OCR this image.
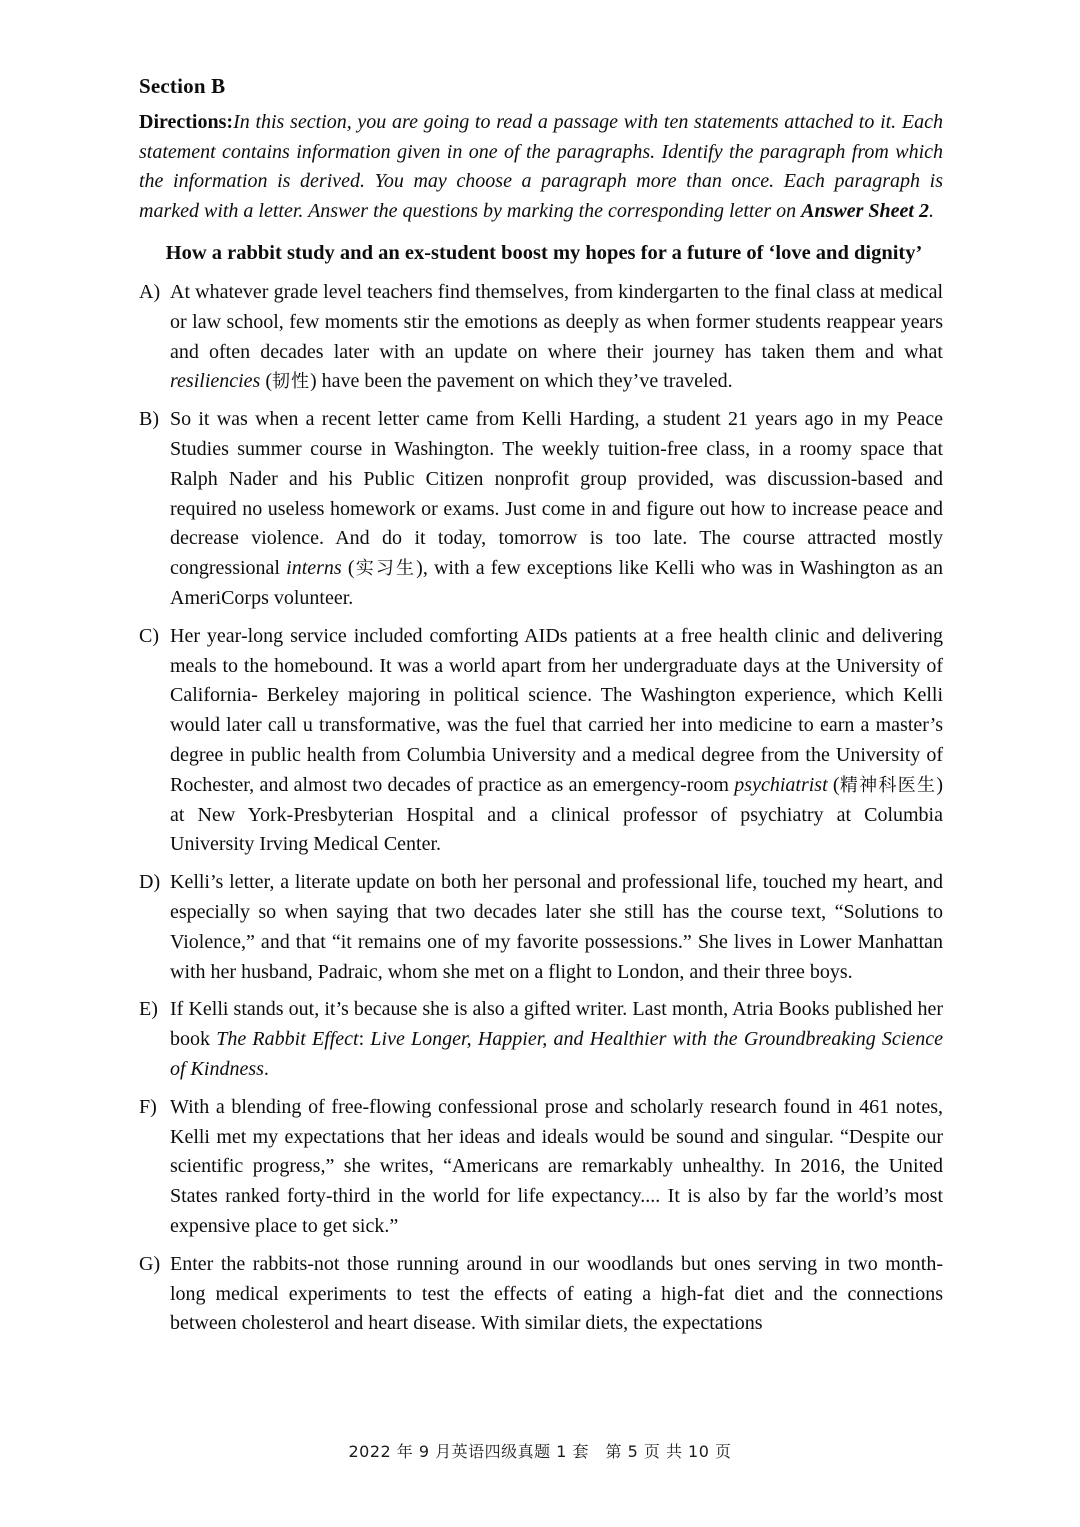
Section B

Directions:In this section, you are going to read a passage with ten statements attached to it. Each statement contains information given in one of the paragraphs. Identify the paragraph from which the information is derived. You may choose a paragraph more than once. Each paragraph is marked with a letter. Answer the questions by marking the corresponding letter on Answer Sheet 2.

How a rabbit study and an ex-student boost my hopes for a future of ‘love and dignity’
A) At whatever grade level teachers find themselves, from kindergarten to the final class at medical or law school, few moments stir the emotions as deeply as when former students reappear years and often decades later with an update on where their journey has taken them and what resiliencies (韧性) have been the pavement on which they’ve traveled.
B) So it was when a recent letter came from Kelli Harding, a student 21 years ago in my Peace Studies summer course in Washington. The weekly tuition-free class, in a roomy space that Ralph Nader and his Public Citizen nonprofit group provided, was discussion-based and required no useless homework or exams. Just come in and figure out how to increase peace and decrease violence. And do it today, tomorrow is too late. The course attracted mostly congressional interns (实习生), with a few exceptions like Kelli who was in Washington as an AmeriCorps volunteer.
C) Her year-long service included comforting AIDs patients at a free health clinic and delivering meals to the homebound. It was a world apart from her undergraduate days at the University of California- Berkeley majoring in political science. The Washington experience, which Kelli would later call u transformative, was the fuel that carried her into medicine to earn a master’s degree in public health from Columbia University and a medical degree from the University of Rochester, and almost two decades of practice as an emergency-room psychiatrist (精神科医生) at New York-Presbyterian Hospital and a clinical professor of psychiatry at Columbia University Irving Medical Center.
D) Kelli’s letter, a literate update on both her personal and professional life, touched my heart, and especially so when saying that two decades later she still has the course text, “Solutions to Violence,” and that “it remains one of my favorite possessions.” She lives in Lower Manhattan with her husband, Padraic, whom she met on a flight to London, and their three boys.
E) If Kelli stands out, it’s because she is also a gifted writer. Last month, Atria Books published her book The Rabbit Effect: Live Longer, Happier, and Healthier with the Groundbreaking Science of Kindness.
F) With a blending of free-flowing confessional prose and scholarly research found in 461 notes, Kelli met my expectations that her ideas and ideals would be sound and singular. “Despite our scientific progress,” she writes, “Americans are remarkably unhealthy. In 2016, the United States ranked forty-third in the world for life expectancy.... It is also by far the world’s most expensive place to get sick.”
G) Enter the rabbits-not those running around in our woodlands but ones serving in two month-long medical experiments to test the effects of eating a high-fat diet and the connections between cholesterol and heart disease. With similar diets, the expectations
2022 年 9 月英语四级真题 1 套　第 5 页 共 10 页
